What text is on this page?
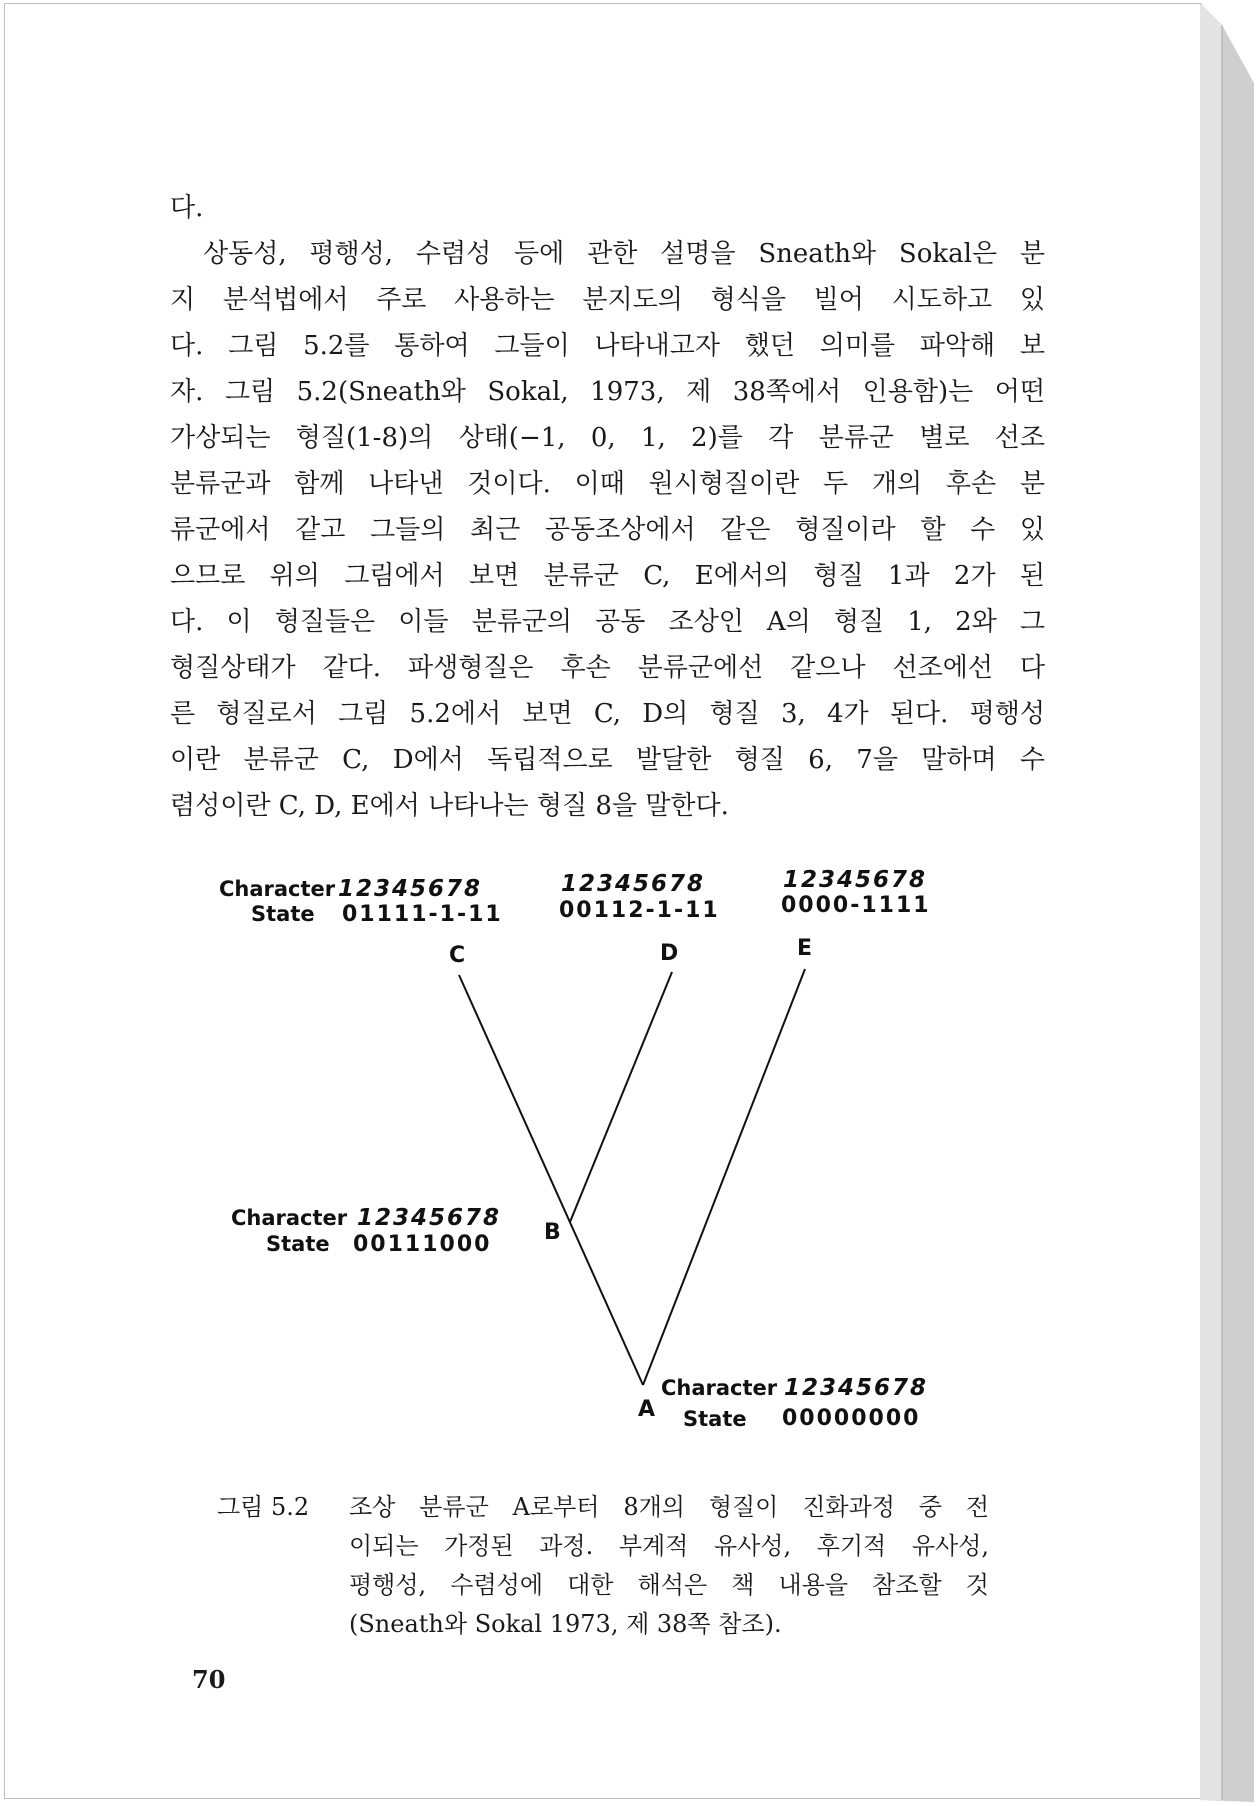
다.
상동성, 평행성, 수렴성 등에 관한 설명을 Sneath와 Sokal은 분
지 분석법에서 주로 사용하는 분지도의 형식을 빌어 시도하고 있
다. 그림 5.2를 통하여 그들이 나타내고자 했던 의미를 파악해 보
자. 그림 5.2(Sneath와 Sokal, 1973, 제 38쪽에서 인용함)는 어떤
가상되는 형질(1-8)의 상태(−1, 0, 1, 2)를 각 분류군 별로 선조
분류군과 함께 나타낸 것이다. 이때 원시형질이란 두 개의 후손 분
류군에서 같고 그들의 최근 공동조상에서 같은 형질이라 할 수 있
으므로 위의 그림에서 보면 분류군 C, E에서의 형질 1과 2가 된
다. 이 형질들은 이들 분류군의 공동 조상인 A의 형질 1, 2와 그
형질상태가 같다. 파생형질은 후손 분류군에선 같으나 선조에선 다
른 형질로서 그림 5.2에서 보면 C, D의 형질 3, 4가 된다. 평행성
이란 분류군 C, D에서 독립적으로 발달한 형질 6, 7을 말하며 수
렴성이란 C, D, E에서 나타나는 형질 8을 말한다.
Character 12345678
State 01111-1-11
C
12345678
00112-1-11
D
12345678
0000-1111
E
Character 12345678
State 00111000 B
Character 12345678
State 00000000
A
그림 5.2 조상 분류군 A로부터 8개의 형질이 진화과정 중 전
이되는 가정된 과정. 부계적 유사성, 후기적 유사성,
평행성, 수렴성에 대한 해석은 책 내용을 참조할 것
(Sneath와 Sokal 1973, 제 38쪽 참조).
70
